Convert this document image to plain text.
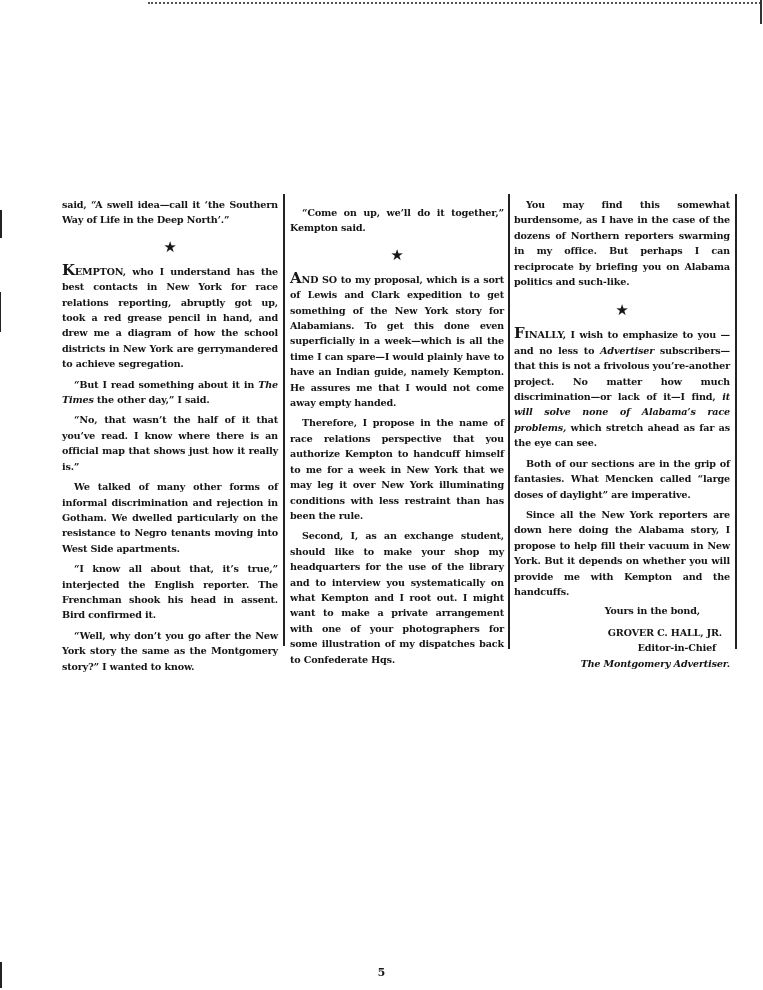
said, “A swell idea—call it ‘the Southern Way of Life in the Deep North’.”

★

KEMPTON, who I understand has the best contacts in New York for race relations reporting, abruptly got up, took a red grease pencil in hand, and drew me a diagram of how the school districts in New York are gerrymandered to achieve segregation.

“But I read something about it in The Times the other day,” I said.

“No, that wasn’t the half of it that you’ve read. I know where there is an official map that shows just how it really is.”

We talked of many other forms of informal discrimination and rejection in Gotham. We dwelled particularly on the resistance to Negro tenants moving into West Side apartments.

“I know all about that, it’s true,” interjected the English reporter. The Frenchman shook his head in assent. Bird confirmed it.

“Well, why don’t you go after the New York story the same as the Montgomery story?” I wanted to know.

“Come on up, we’ll do it together,” Kempton said.

★

AND SO to my proposal, which is a sort of Lewis and Clark expedition to get something of the New York story for Alabamians. To get this done even superficially in a week—which is all the time I can spare—I would plainly have to have an Indian guide, namely Kempton. He assures me that I would not come away empty handed.

Therefore, I propose in the name of race relations perspective that you authorize Kempton to handcuff himself to me for a week in New York that we may leg it over New York illuminating conditions with less restraint than has been the rule.

Second, I, as an exchange student, should like to make your shop my headquarters for the use of the library and to interview you systematically on what Kempton and I root out. I might want to make a private arrangement with one of your photographers for some illustration of my dispatches back to Confederate Hqs.

You may find this somewhat burdensome, as I have in the case of the dozens of Northern reporters swarming in my office. But perhaps I can reciprocate by briefing you on Alabama politics and such-like.

★

FINALLY, I wish to emphasize to you —and no less to Advertiser subscribers—that this is not a frivolous you’re-another project. No matter how much discrimination—or lack of it—I find, it will solve none of Alabama’s race problems, which stretch ahead as far as the eye can see.

Both of our sections are in the grip of fantasies. What Mencken called “large doses of daylight” are imperative.

Since all the New York reporters are down here doing the Alabama story, I propose to help fill their vacuum in New York. But it depends on whether you will provide me with Kempton and the handcuffs.

Yours in the bond,

GROVER C. HALL, JR.

Editor-in-Chief

The Montgomery Advertiser.

5
